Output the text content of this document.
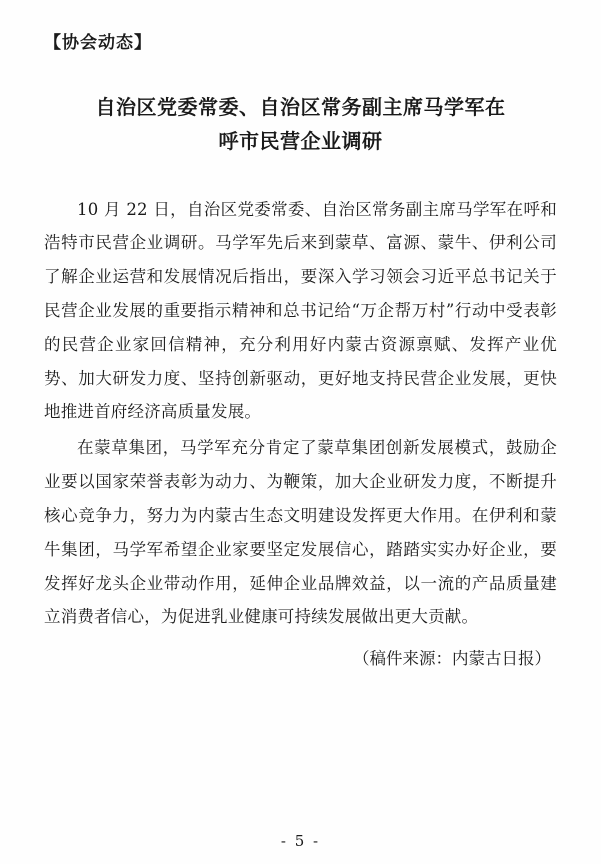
【协会动态】
自治区党委常委、自治区常务副主席马学军在
呼市民营企业调研

10 月 22 日，自治区党委常委、自治区常务副主席马学军在呼和浩特市民营企业调研。马学军先后来到蒙草、富源、蒙牛、伊利公司了解企业运营和发展情况后指出，要深入学习领会习近平总书记关于民营企业发展的重要指示精神和总书记给“万企帮万村”行动中受表彰的民营企业家回信精神，充分利用好内蒙古资源禀赋、发挥产业优势、加大研发力度、坚持创新驱动，更好地支持民营企业发展，更快地推进首府经济高质量发展。

在蒙草集团，马学军充分肯定了蒙草集团创新发展模式，鼓励企业要以国家荣誉表彰为动力、为鞭策，加大企业研发力度，不断提升核心竞争力，努力为内蒙古生态文明建设发挥更大作用。在伊利和蒙牛集团，马学军希望企业家要坚定发展信心，踏踏实实办好企业，要发挥好龙头企业带动作用，延伸企业品牌效益，以一流的产品质量建立消费者信心，为促进乳业健康可持续发展做出更大贡献。

（稿件来源：内蒙古日报）
- 5 -
